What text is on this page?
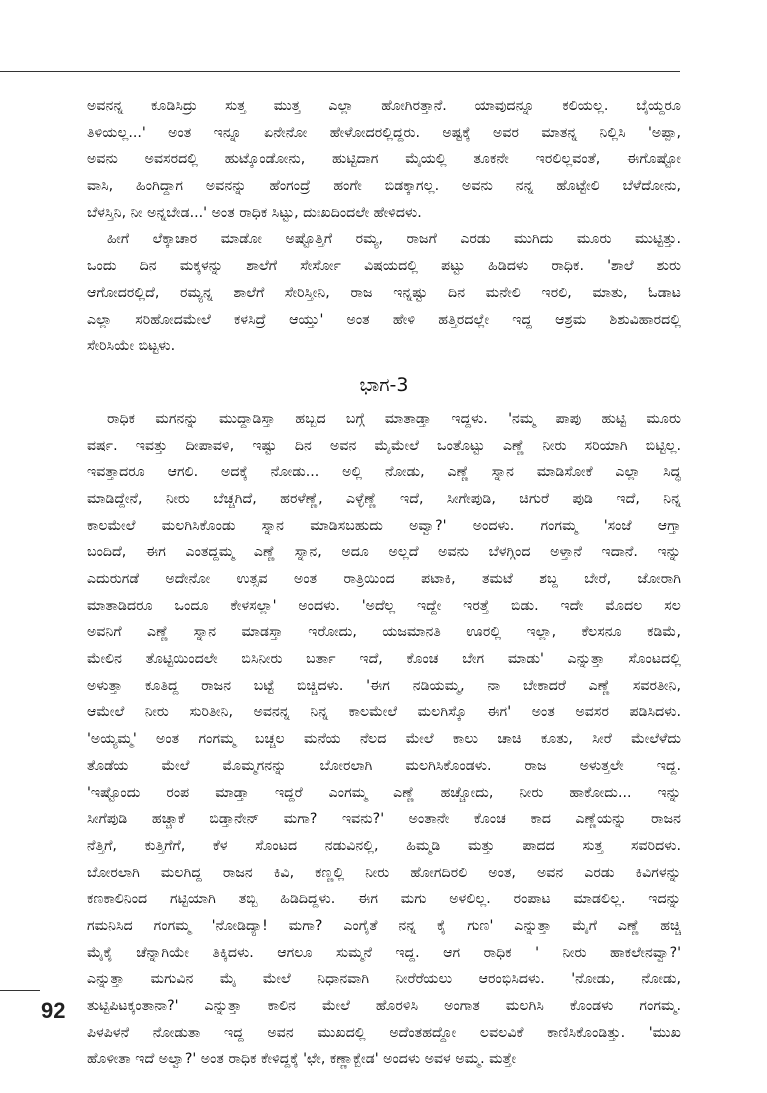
ಅವನನ್ನ ಕೂಡಿಸಿದ್ರು ಸುತ್ತ ಮುತ್ತ ಎಲ್ಲಾ ಹೋಗಿರತ್ತಾನೆ. ಯಾವುದನ್ನೂ ಕಲಿಯಲ್ಲ. ಬೈಯ್ದರೂ
ತಿಳಿಯಲ್ಲ...' ಅಂತ ಇನ್ನೂ ಏನೇನೋ ಹೇಳೋದರಲ್ಲಿದ್ದರು. ಅಷ್ಟಕ್ಕೆ ಅವರ ಮಾತನ್ನ ನಿಲ್ಲಿಸಿ 'ಅಪ್ಪಾ,
ಅವನು ಅವಸರದಲ್ಲಿ ಹುಟ್ಕೊಂಡೋನು, ಹುಟ್ಟಿದಾಗ ಮೈಯಲ್ಲಿ ತೂಕನೇ ಇರಲಿಲ್ಲವಂತೆ, ಈಗೊಷ್ಟೋ
ವಾಸಿ, ಹಿಂಗಿದ್ದಾಗ ಅವನನ್ನು ಹೆಂಗಂದ್ರೆ ಹಂಗೇ ಬಿಡಕ್ಕಾಗಲ್ಲ. ಅವನು ನನ್ನ ಹೊಟ್ಟೇಲಿ ಬೆಳೆದೋನು,
ಬೆಳಸ್ತಿನಿ, ನೀ ಅನ್ನಬೇಡ...' ಅಂತ ರಾಧಿಕ ಸಿಟ್ಟು, ದುಃಖದಿಂದಲೇ ಹೇಳಿದಳು.
ಹೀಗೆ ಲೆಕ್ಕಾಚಾರ ಮಾಡೋ ಅಷ್ಟೊತ್ತಿಗೆ ರಮ್ಯ, ರಾಜಗೆ ಎರಡು ಮುಗಿದು ಮೂರು ಮುಟ್ಟಿತ್ತು.
ಒಂದು ದಿನ ಮಕ್ಕಳನ್ನು ಶಾಲೆಗೆ ಸೇರ್ಸೋ ವಿಷಯದಲ್ಲಿ ಪಟ್ಟು ಹಿಡಿದಳು ರಾಧಿಕ. 'ಶಾಲೆ ಶುರು
ಆಗೋದರಲ್ಲಿದೆ, ರಮ್ಯನ್ನ ಶಾಲೆಗೆ ಸೇರಿಸ್ತೀನಿ, ರಾಜ ಇನ್ನಷ್ಟು ದಿನ ಮನೇಲಿ ಇರಲಿ, ಮಾತು, ಓಡಾಟ
ಎಲ್ಲಾ ಸರಿಹೋದಮೇಲೆ ಕಳಸಿದ್ರೆ ಆಯ್ತು' ಅಂತ ಹೇಳಿ ಹತ್ತಿರದಲ್ಲೇ ಇದ್ದ ಆಶ್ರಮ ಶಿಶುವಿಹಾರದಲ್ಲಿ
ಸೇರಿಸಿಯೇ ಬಿಟ್ಟಳು.
ಭಾಗ-3
ರಾಧಿಕ ಮಗನನ್ನು ಮುದ್ದಾಡಿಸ್ತಾ ಹಬ್ಬದ ಬಗ್ಗೆ ಮಾತಾಡ್ತಾ ಇದ್ದಳು. 'ನಮ್ಮ ಪಾಪು ಹುಟ್ಟಿ ಮೂರು
ವರ್ಷ. ಇವತ್ತು ದೀಪಾವಳಿ, ಇಷ್ಟು ದಿನ ಅವನ ಮೈಮೇಲೆ ಒಂತೊಟ್ಟು ಎಣ್ಣೆ ನೀರು ಸರಿಯಾಗಿ ಬಿಟ್ಟಿಲ್ಲ.
ಇವತ್ತಾದರೂ ಆಗಲಿ. ಅದಕ್ಕೆ ನೋಡು... ಅಲ್ಲಿ ನೋಡು, ಎಣ್ಣೆ ಸ್ನಾನ ಮಾಡಿಸೋಕೆ ಎಲ್ಲಾ ಸಿದ್ಧ
ಮಾಡಿದ್ದೇನೆ, ನೀರು ಬೆಚ್ಚಗಿದೆ, ಹರಳೆಣ್ಣೆ, ಎಳ್ಳೆಣ್ಣೆ ಇದೆ, ಸೀಗೇಪುಡಿ, ಚಿಗುರೆ ಪುಡಿ ಇದೆ, ನಿನ್ನ
ಕಾಲಮೇಲೆ ಮಲಗಿಸಿಕೊಂಡು ಸ್ನಾನ ಮಾಡಿಸಬಹುದು ಅವ್ವಾ?' ಅಂದಳು. ಗಂಗಮ್ಮ 'ಸಂಜೆ ಆಗ್ತಾ
ಬಂದಿದೆ, ಈಗ ಎಂತದ್ದಮ್ಮ ಎಣ್ಣೆ ಸ್ನಾನ, ಅದೂ ಅಲ್ಲದೆ ಅವನು ಬೆಳಗ್ಗಿಂದ ಅಳ್ತಾನೆ ಇದಾನೆ. ಇನ್ನು
ಎದುರುಗಡೆ ಅದೇನೋ ಉತ್ಸವ ಅಂತ ರಾತ್ರಿಯಿಂದ ಪಟಾಕಿ, ತಮಟೆ ಶಬ್ದ ಬೇರೆ, ಜೋರಾಗಿ
ಮಾತಾಡಿದರೂ ಒಂದೂ ಕೇಳಸಲ್ಲಾ' ಅಂದಳು. 'ಅದೆಲ್ಲ ಇದ್ದೇ ಇರತ್ತೆ ಬಿಡು. ಇದೇ ಮೊದಲ ಸಲ
ಅವನಿಗೆ ಎಣ್ಣೆ ಸ್ನಾನ ಮಾಡಸ್ತಾ ಇರೋದು, ಯಜಮಾನತಿ ಊರಲ್ಲಿ ಇಲ್ಲಾ, ಕೆಲಸನೂ ಕಡಿಮೆ,
ಮೇಲಿನ ತೊಟ್ಟಿಯಿಂದಲೇ ಬಿಸಿನೀರು ಬರ್ತಾ ಇದೆ, ಕೊಂಚ ಬೇಗ ಮಾಡು' ಎನ್ನುತ್ತಾ ಸೊಂಟದಲ್ಲಿ
ಅಳುತ್ತಾ ಕೂತಿದ್ದ ರಾಜನ ಬಟ್ಟೆ ಬಿಚ್ಚಿದಳು. 'ಈಗ ನಡಿಯಮ್ಮ, ನಾ ಬೇಕಾದರೆ ಎಣ್ಣೆ ಸವರತೀನಿ,
ಆಮೇಲೆ ನೀರು ಸುರಿತೀನಿ, ಅವನನ್ನ ನಿನ್ನ ಕಾಲಮೇಲೆ ಮಲಗಿಸ್ಕೊ ಈಗ' ಅಂತ ಅವಸರ ಪಡಿಸಿದಳು.
'ಅಯ್ಯಮ್ಮ' ಅಂತ ಗಂಗಮ್ಮ ಬಚ್ಚಲ ಮನೆಯ ನೆಲದ ಮೇಲೆ ಕಾಲು ಚಾಚಿ ಕೂತು, ಸೀರೆ ಮೇಲೆಳೆದು
ತೊಡೆಯ ಮೇಲೆ ಮೊಮ್ಮಗನನ್ನು ಬೋರಲಾಗಿ ಮಲಗಿಸಿಕೊಂಡಳು. ರಾಜ ಅಳುತ್ತಲೇ ಇದ್ದ.
'ಇಷ್ಟೊಂದು ರಂಪ ಮಾಡ್ತಾ ಇದ್ದರೆ ಎಂಗಮ್ಮ ಎಣ್ಣೆ ಹಚ್ಚೋದು, ನೀರು ಹಾಕೋದು... ಇನ್ನು
ಸೀಗೆಪುಡಿ ಹಚ್ಚಾಕೆ ಬಿಡ್ತಾನೇನ್ ಮಗಾ? ಇವನು?' ಅಂತಾನೇ ಕೊಂಚ ಕಾದ ಎಣ್ಣೆಯನ್ನು ರಾಜನ
ನೆತ್ತಿಗೆ, ಕುತ್ತಿಗೆಗೆ, ಕೆಳ ಸೊಂಟದ ನಡುವಿನಲ್ಲಿ, ಹಿಮ್ಮಡಿ ಮತ್ತು ಪಾದದ ಸುತ್ತ ಸವರಿದಳು.
ಬೋರಲಾಗಿ ಮಲಗಿದ್ದ ರಾಜನ ಕಿವಿ, ಕಣ್ಣಲ್ಲಿ ನೀರು ಹೋಗದಿರಲಿ ಅಂತ, ಅವನ ಎರಡು ಕಿವಿಗಳನ್ನು
ಕಣಕಾಲಿನಿಂದ ಗಟ್ಟಿಯಾಗಿ ತಬ್ಬಿ ಹಿಡಿದಿದ್ದಳು. ಈಗ ಮಗು ಅಳಲಿಲ್ಲ. ರಂಪಾಟ ಮಾಡಲಿಲ್ಲ. ಇದನ್ನು
ಗಮನಿಸಿದ ಗಂಗಮ್ಮ 'ನೋಡಿದ್ಯಾ! ಮಗಾ? ಎಂಗೈತೆ ನನ್ನ ಕೈ ಗುಣ' ಎನ್ನುತ್ತಾ ಮೈಗೆ ಎಣ್ಣೆ ಹಚ್ಚಿ
ಮೈಕೈ ಚೆನ್ನಾಗಿಯೇ ತಿಕ್ಕಿದಳು. ಆಗಲೂ ಸುಮ್ಮನೆ ಇದ್ದ. ಆಗ ರಾಧಿಕ ' ನೀರು ಹಾಕಲೇನವ್ವಾ?'
ಎನ್ನುತ್ತಾ ಮಗುವಿನ ಮೈ ಮೇಲೆ ನಿಧಾನವಾಗಿ ನೀರೆರೆಯಲು ಆರಂಭಿಸಿದಳು. 'ನೋಡು, ನೋಡು,
ತುಟ್ಟಿಪಿಟಕ್ಕಂತಾನಾ?' ಎನ್ನುತ್ತಾ ಕಾಲಿನ ಮೇಲೆ ಹೊರಳಿಸಿ ಅಂಗಾತ ಮಲಗಿಸಿ ಕೊಂಡಳು ಗಂಗಮ್ಮ.
ಪಿಳಪಿಳನೆ ನೋಡುತಾ ಇದ್ದ ಅವನ ಮುಖದಲ್ಲಿ ಅದೆಂತಹದ್ದೋ ಲವಲವಿಕೆ ಕಾಣಿಸಿಕೊಂಡಿತ್ತು. 'ಮುಖ
ಹೊಳೀತಾ ಇದೆ ಅಲ್ವಾ?' ಅಂತ ರಾಧಿಕ ಕೇಳಿದ್ದಕ್ಕೆ 'ಛೇ, ಕಣ್ಣಾಕ್ಬೇಡ' ಅಂದಳು ಅವಳ ಅಮ್ಮ. ಮತ್ತೇ
92
